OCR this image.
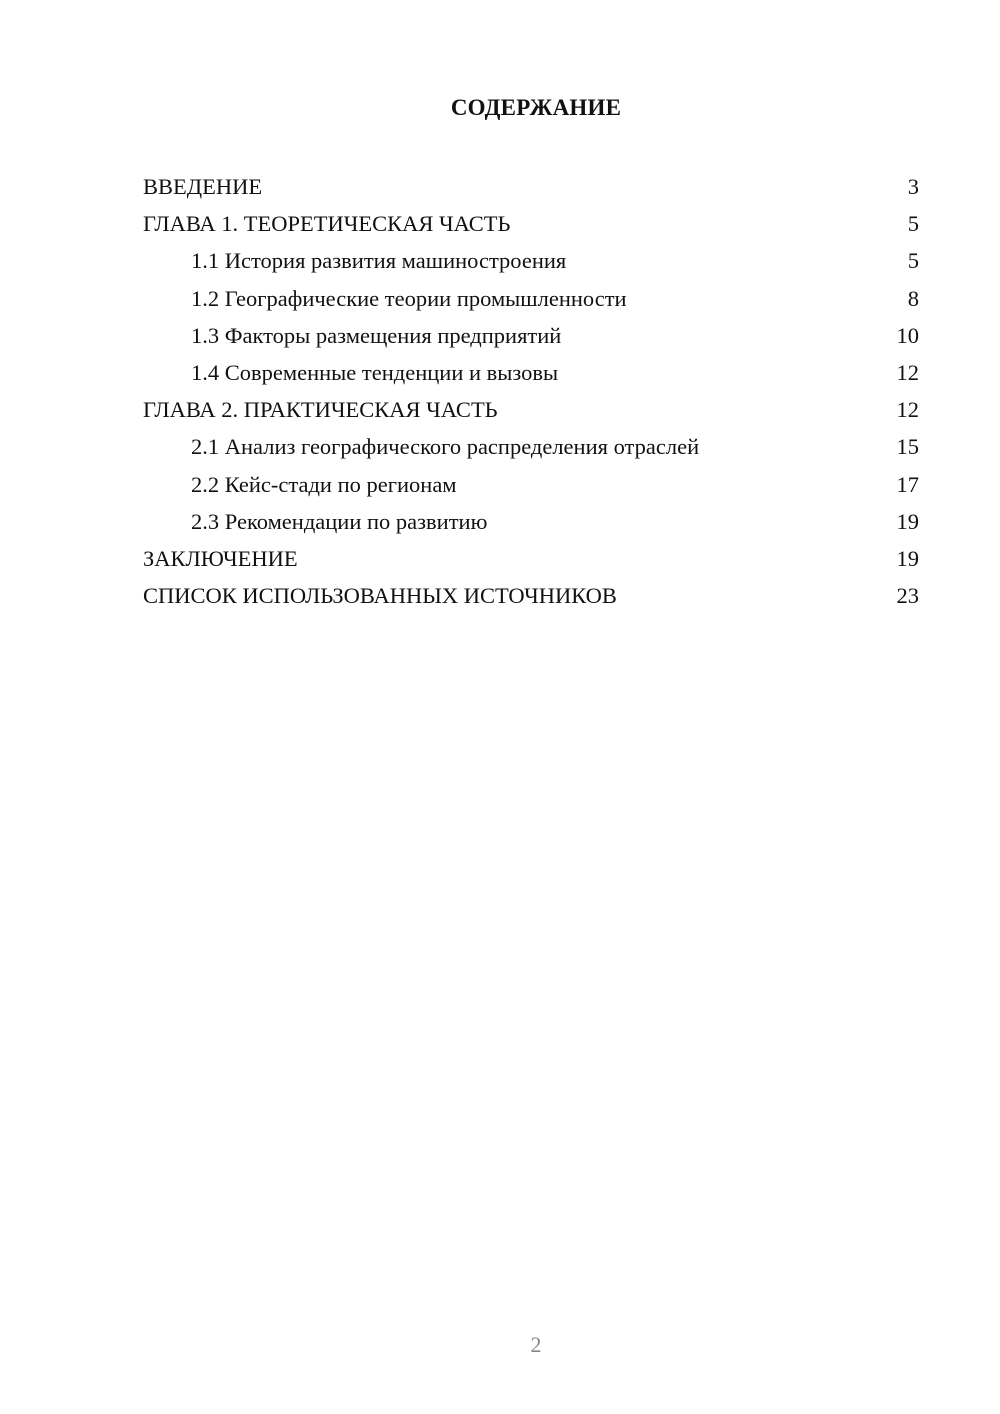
СОДЕРЖАНИЕ
ВВЕДЕНИЕ	3
ГЛАВА 1. ТЕОРЕТИЧЕСКАЯ ЧАСТЬ	5
1.1 История развития машиностроения	5
1.2 Географические теории промышленности	8
1.3 Факторы размещения предприятий	10
1.4 Современные тенденции и вызовы	12
ГЛАВА 2. ПРАКТИЧЕСКАЯ ЧАСТЬ	12
2.1 Анализ географического распределения отраслей	15
2.2 Кейс-стади по регионам	17
2.3 Рекомендации по развитию	19
ЗАКЛЮЧЕНИЕ	19
СПИСОК ИСПОЛЬЗОВАННЫХ ИСТОЧНИКОВ	23
2
